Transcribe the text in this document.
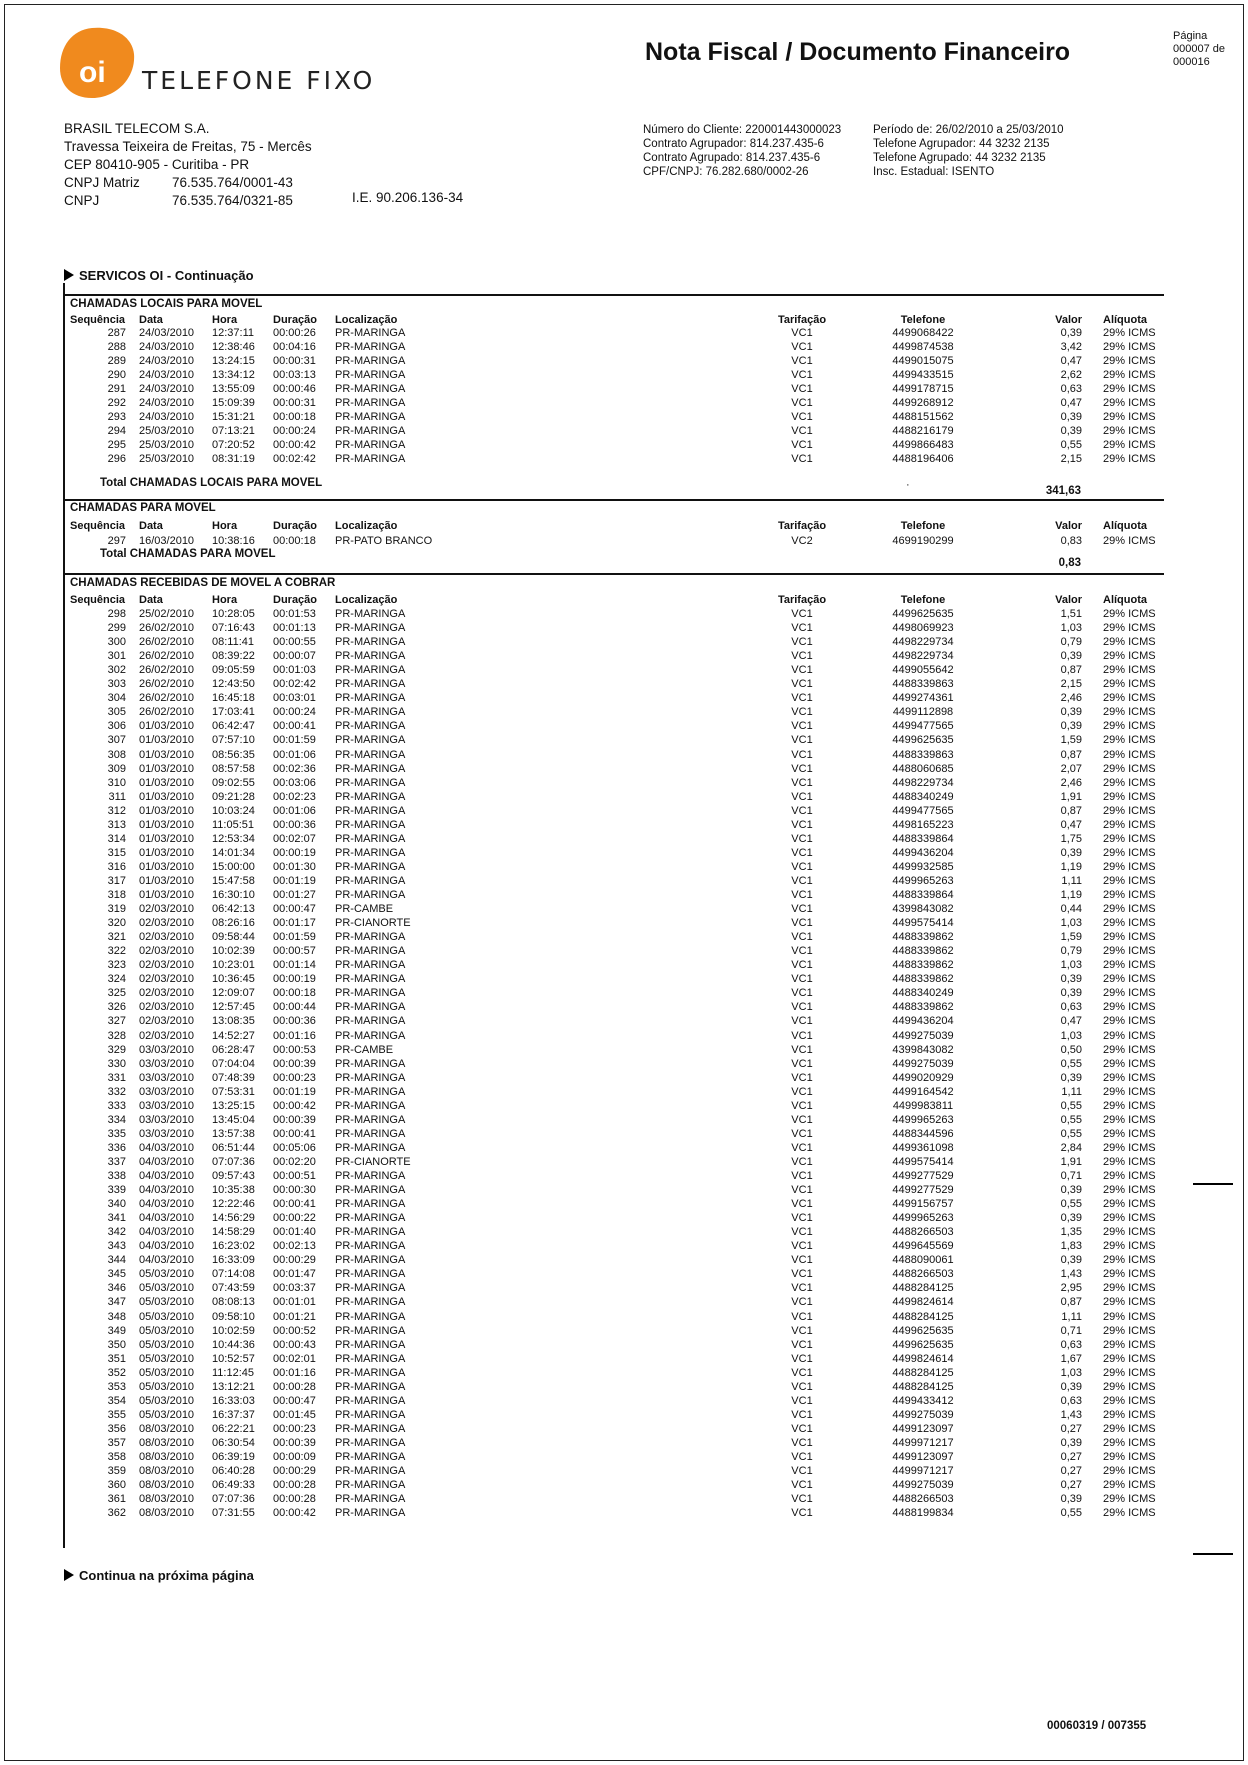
oi TELEFONE FIXO
Nota Fiscal / Documento Financeiro
Página
000007 de
000016
BRASIL TELECOM S.A.
Travessa Teixeira de Freitas, 75 - Mercês
CEP 80410-905 - Curitiba - PR
CNPJ Matriz 76.535.764/0001-43
CNPJ	76.535.764/0321-85	I.E. 90.206.136-34
Número do Cliente: 220001443000023
Contrato Agrupador: 814.237.435-6
Contrato Agrupado: 814.237.435-6
CPF/CNPJ: 76.282.680/0002-26
Período de: 26/02/2010 a 25/03/2010
Telefone Agrupador: 44 3232 2135
Telefone Agrupado: 44 3232 2135
Insc. Estadual: ISENTO
SERVICOS OI - Continuação
CHAMADAS LOCAIS PARA MOVEL
Sequência Data	Hora	Duração Localização	Tarifação	Telefone	Valor Alíquota
287 24/03/2010 12:37:11 00:00:26 PR-MARINGA	VC1	4499068422	0,39 29% ICMS
288 24/03/2010 12:38:46 00:04:16 PR-MARINGA	VC1	4499874538	3,42 29% ICMS
289 24/03/2010 13:24:15 00:00:31 PR-MARINGA	VC1	4499015075	0,47 29% ICMS
290 24/03/2010 13:34:12 00:03:13 PR-MARINGA	VC1	4499433515	2,62 29% ICMS
291 24/03/2010 13:55:09 00:00:46 PR-MARINGA	VC1	4499178715	0,63 29% ICMS
292 24/03/2010 15:09:39 00:00:31 PR-MARINGA	VC1	4499268912	0,47 29% ICMS
293 24/03/2010 15:31:21 00:00:18 PR-MARINGA	VC1	4488151562	0,39 29% ICMS
294 25/03/2010 07:13:21 00:00:24 PR-MARINGA	VC1	4488216179	0,39 29% ICMS
295 25/03/2010 07:20:52 00:00:42 PR-MARINGA	VC1	4499866483	0,55 29% ICMS
296 25/03/2010 08:31:19 00:02:42 PR-MARINGA	VC1	4488196406	2,15 29% ICMS
Total CHAMADAS LOCAIS PARA MOVEL	·	341,63
CHAMADAS PARA MOVEL
Sequência Data	Hora	Duração Localização	Tarifação	Telefone	Valor Alíquota
297 16/03/2010 10:38:16 00:00:18 PR-PATO BRANCO	VC2	4699190299	0,83 29% ICMS
Total CHAMADAS PARA MOVEL
0,83
CHAMADAS RECEBIDAS DE MOVEL A COBRAR
Sequência Data	Hora	Duração Localização	Tarifação	Telefone	Valor Alíquota
298 25/02/2010 10:28:05 00:01:53 PR-MARINGA	VC1	4499625635	1,51 29% ICMS
299 26/02/2010 07:16:43 00:01:13 PR-MARINGA	VC1	4498069923	1,03 29% ICMS
300 26/02/2010 08:11:41 00:00:55 PR-MARINGA	VC1	4498229734	0,79 29% ICMS
301 26/02/2010 08:39:22 00:00:07 PR-MARINGA	VC1	4498229734	0,39 29% ICMS
302 26/02/2010 09:05:59 00:01:03 PR-MARINGA	VC1	4499055642	0,87 29% ICMS
303 26/02/2010 12:43:50 00:02:42 PR-MARINGA	VC1	4488339863	2,15 29% ICMS
304 26/02/2010 16:45:18 00:03:01 PR-MARINGA	VC1	4499274361	2,46 29% ICMS
305 26/02/2010 17:03:41 00:00:24 PR-MARINGA	VC1	4499112898	0,39 29% ICMS
306 01/03/2010 06:42:47 00:00:41 PR-MARINGA	VC1	4499477565	0,39 29% ICMS
307 01/03/2010 07:57:10 00:01:59 PR-MARINGA	VC1	4499625635	1,59 29% ICMS
308 01/03/2010 08:56:35 00:01:06 PR-MARINGA	VC1	4488339863	0,87 29% ICMS
309 01/03/2010 08:57:58 00:02:36 PR-MARINGA	VC1	4488060685	2,07 29% ICMS
310 01/03/2010 09:02:55 00:03:06 PR-MARINGA	VC1	4498229734	2,46 29% ICMS
311 01/03/2010 09:21:28 00:02:23 PR-MARINGA	VC1	4488340249	1,91 29% ICMS
312 01/03/2010 10:03:24 00:01:06 PR-MARINGA	VC1	4499477565	0,87 29% ICMS
313 01/03/2010 11:05:51 00:00:36 PR-MARINGA	VC1	4498165223	0,47 29% ICMS
314 01/03/2010 12:53:34 00:02:07 PR-MARINGA	VC1	4488339864	1,75 29% ICMS
315 01/03/2010 14:01:34 00:00:19 PR-MARINGA	VC1	4499436204	0,39 29% ICMS
316 01/03/2010 15:00:00 00:01:30 PR-MARINGA	VC1	4499932585	1,19 29% ICMS
317 01/03/2010 15:47:58 00:01:19 PR-MARINGA	VC1	4499965263	1,11 29% ICMS
318 01/03/2010 16:30:10 00:01:27 PR-MARINGA	VC1	4488339864	1,19 29% ICMS
319 02/03/2010 06:42:13 00:00:47 PR-CAMBE	VC1	4399843082	0,44 29% ICMS
320 02/03/2010 08:26:16 00:01:17 PR-CIANORTE	VC1	4499575414	1,03 29% ICMS
321 02/03/2010 09:58:44 00:01:59 PR-MARINGA	VC1	4488339862	1,59 29% ICMS
322 02/03/2010 10:02:39 00:00:57 PR-MARINGA	VC1	4488339862	0,79 29% ICMS
323 02/03/2010 10:23:01 00:01:14 PR-MARINGA	VC1	4488339862	1,03 29% ICMS
324 02/03/2010 10:36:45 00:00:19 PR-MARINGA	VC1	4488339862	0,39 29% ICMS
325 02/03/2010 12:09:07 00:00:18 PR-MARINGA	VC1	4488340249	0,39 29% ICMS
326 02/03/2010 12:57:45 00:00:44 PR-MARINGA	VC1	4488339862	0,63 29% ICMS
327 02/03/2010 13:08:35 00:00:36 PR-MARINGA	VC1	4499436204	0,47 29% ICMS
328 02/03/2010 14:52:27 00:01:16 PR-MARINGA	VC1	4499275039	1,03 29% ICMS
329 03/03/2010 06:28:47 00:00:53 PR-CAMBE	VC1	4399843082	0,50 29% ICMS
330 03/03/2010 07:04:04 00:00:39 PR-MARINGA	VC1	4499275039	0,55 29% ICMS
331 03/03/2010 07:48:39 00:00:23 PR-MARINGA	VC1	4499020929	0,39 29% ICMS
332 03/03/2010 07:53:31 00:01:19 PR-MARINGA	VC1	4499164542	1,11 29% ICMS
333 03/03/2010 13:25:15 00:00:42 PR-MARINGA	VC1	4499983811	0,55 29% ICMS
334 03/03/2010 13:45:04 00:00:39 PR-MARINGA	VC1	4499965263	0,55 29% ICMS
335 03/03/2010 13:57:38 00:00:41 PR-MARINGA	VC1	4488344596	0,55 29% ICMS
336 04/03/2010 06:51:44 00:05:06 PR-MARINGA	VC1	4499361098	2,84 29% ICMS
337 04/03/2010 07:07:36 00:02:20 PR-CIANORTE	VC1	4499575414	1,91 29% ICMS
338 04/03/2010 09:57:43 00:00:51 PR-MARINGA	VC1	4499277529	0,71 29% ICMS
339 04/03/2010 10:35:38 00:00:30 PR-MARINGA	VC1	4499277529	0,39 29% ICMS
340 04/03/2010 12:22:46 00:00:41 PR-MARINGA	VC1	4499156757	0,55 29% ICMS
341 04/03/2010 14:56:29 00:00:22 PR-MARINGA	VC1	4499965263	0,39 29% ICMS
342 04/03/2010 14:58:29 00:01:40 PR-MARINGA	VC1	4488266503	1,35 29% ICMS
343 04/03/2010 16:23:02 00:02:13 PR-MARINGA	VC1	4499645569	1,83 29% ICMS
344 04/03/2010 16:33:09 00:00:29 PR-MARINGA	VC1	4488090061	0,39 29% ICMS
345 05/03/2010 07:14:08 00:01:47 PR-MARINGA	VC1	4488266503	1,43 29% ICMS
346 05/03/2010 07:43:59 00:03:37 PR-MARINGA	VC1	4488284125	2,95 29% ICMS
347 05/03/2010 08:08:13 00:01:01 PR-MARINGA	VC1	4499824614	0,87 29% ICMS
348 05/03/2010 09:58:10 00:01:21 PR-MARINGA	VC1	4488284125	1,11 29% ICMS
349 05/03/2010 10:02:59 00:00:52 PR-MARINGA	VC1	4499625635	0,71 29% ICMS
350 05/03/2010 10:44:36 00:00:43 PR-MARINGA	VC1	4499625635	0,63 29% ICMS
351 05/03/2010 10:52:57 00:02:01 PR-MARINGA	VC1	4499824614	1,67 29% ICMS
352 05/03/2010 11:12:45 00:01:16 PR-MARINGA	VC1	4488284125	1,03 29% ICMS
353 05/03/2010 13:12:21 00:00:28 PR-MARINGA	VC1	4488284125	0,39 29% ICMS
354 05/03/2010 16:33:03 00:00:47 PR-MARINGA	VC1	4499433412	0,63 29% ICMS
355 05/03/2010 16:37:37 00:01:45 PR-MARINGA	VC1	4499275039	1,43 29% ICMS
356 08/03/2010 06:22:21 00:00:23 PR-MARINGA	VC1	4499123097	0,27 29% ICMS
357 08/03/2010 06:30:54 00:00:39 PR-MARINGA	VC1	4499971217	0,39 29% ICMS
358 08/03/2010 06:39:19 00:00:09 PR-MARINGA	VC1	4499123097	0,27 29% ICMS
359 08/03/2010 06:40:28 00:00:29 PR-MARINGA	VC1	4499971217	0,27 29% ICMS
360 08/03/2010 06:49:33 00:00:28 PR-MARINGA	VC1	4499275039	0,27 29% ICMS
361 08/03/2010 07:07:36 00:00:28 PR-MARINGA	VC1	4488266503	0,39 29% ICMS
362 08/03/2010 07:31:55 00:00:42 PR-MARINGA	VC1	4488199834	0,55 29% ICMS
Continua na próxima página
00060319 / 007355
